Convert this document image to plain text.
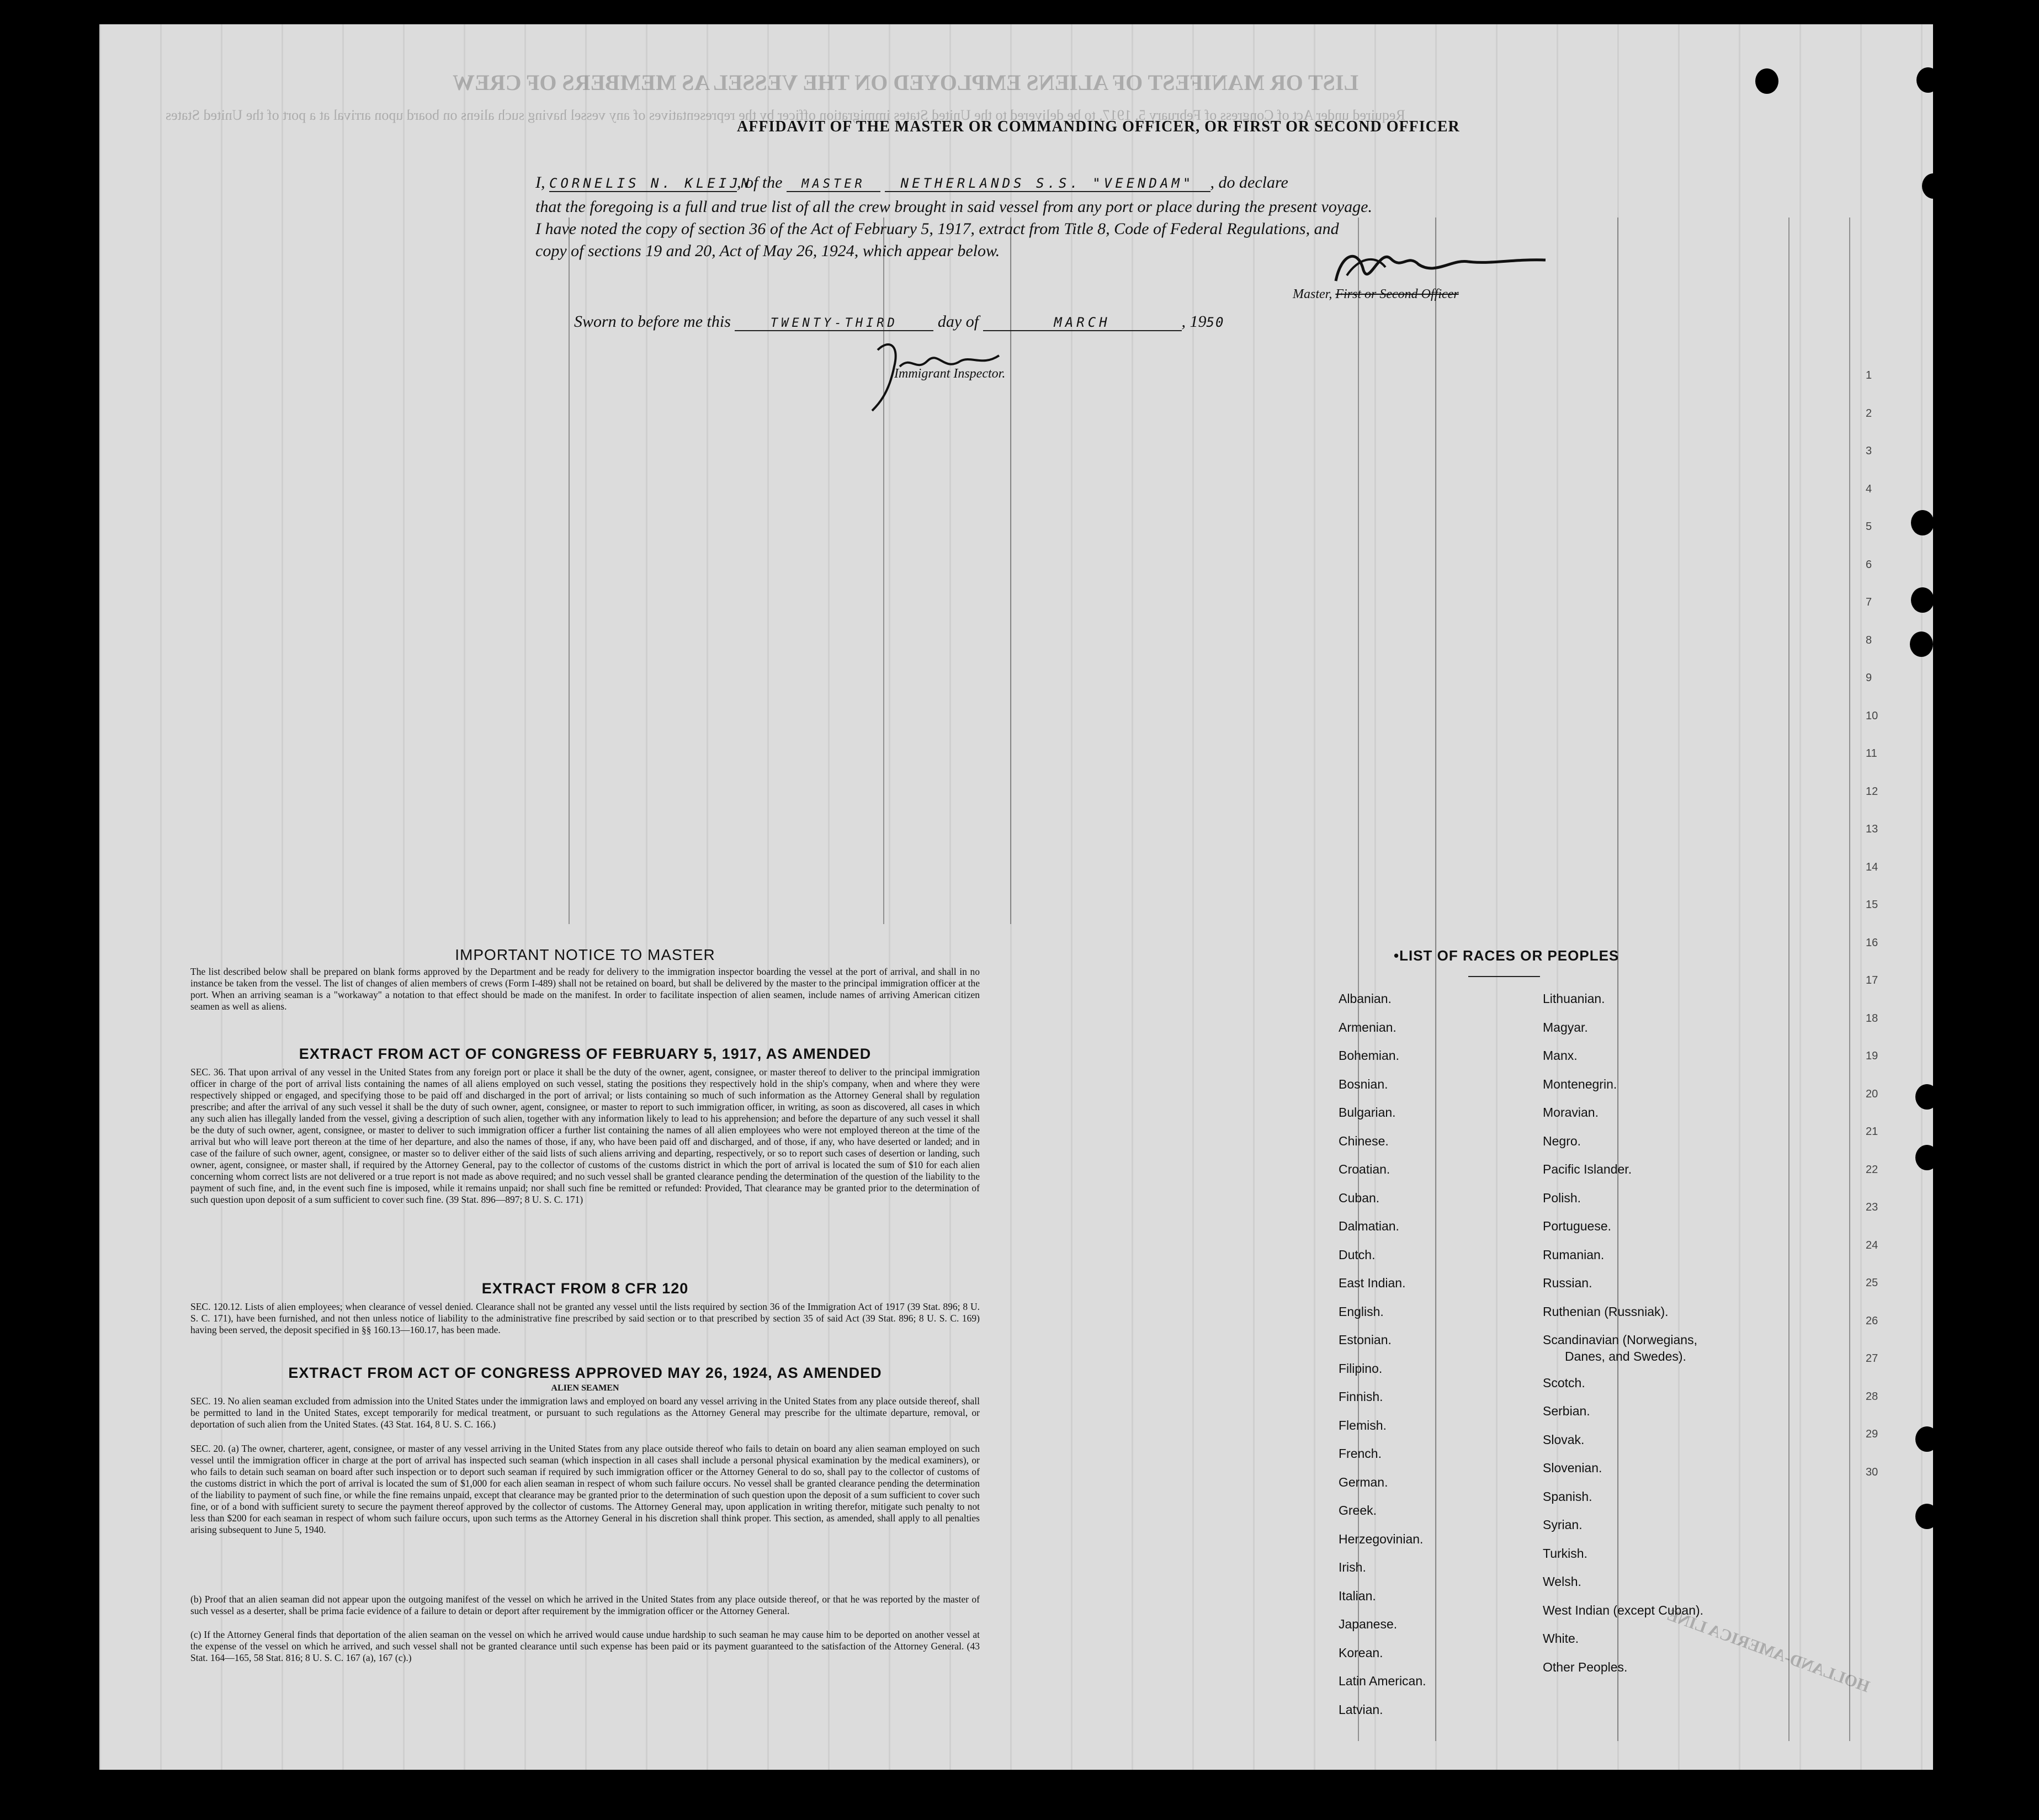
LIST OR MANIFEST OF ALIENS EMPLOYED ON THE VESSEL AS MEMBERS OF CREW
Required under Act of Congress of February 5, 1917, to be delivered to the United States immigration officer by the representatives of any vessel having such aliens on board upon arrival at a port of the United States
1
2
3
4
5
6
7
8
9
10
11
12
13
14
15
16
17
18
19
20
21
22
23
24
25
26
27
28
29
30
AFFIDAVIT OF THE MASTER OR COMMANDING OFFICER, OR FIRST OR SECOND OFFICER
I, CORNELIS N. KLEIJN, of the MASTER	NETHERLANDS S.S. "VEENDAM" , do declare
that the foregoing is a full and true list of all the crew brought in said vessel from any port or place during the present voyage.
I have noted the copy of section 36 of the Act of February 5, 1917, extract from Title 8, Code of Federal Regulations, and
copy of sections 19 and 20, Act of May 26, 1924, which appear below.
Master, First or Second Officer
Sworn to before me this	TWENTY-THIRD day of	MARCH	, 1950
Immigrant Inspector.
IMPORTANT NOTICE TO MASTER
The list described below shall be prepared on blank forms approved by the Department and be ready for delivery to the immigration inspector boarding the vessel at the port of arrival, and shall in no instance be taken from the vessel. The list of changes of alien members of crews (Form I-489) shall not be retained on board, but shall be delivered by the master to the principal immigration officer at the port. When an arriving seaman is a "workaway" a notation to that effect should be made on the manifest. In order to facilitate inspection of alien seamen, include names of arriving American citizen seamen as well as aliens.
EXTRACT FROM ACT OF CONGRESS OF FEBRUARY 5, 1917, AS AMENDED
SEC. 36. That upon arrival of any vessel in the United States from any foreign port or place it shall be the duty of the owner, agent, consignee, or master thereof to deliver to the principal immigration officer in charge of the port of arrival lists containing the names of all aliens employed on such vessel, stating the positions they respectively hold in the ship's company, when and where they were respectively shipped or engaged, and specifying those to be paid off and discharged in the port of arrival; or lists containing so much of such information as the Attorney General shall by regulation prescribe; and after the arrival of any such vessel it shall be the duty of such owner, agent, consignee, or master to report to such immigration officer, in writing, as soon as discovered, all cases in which any such alien has illegally landed from the vessel, giving a description of such alien, together with any information likely to lead to his apprehension; and before the departure of any such vessel it shall be the duty of such owner, agent, consignee, or master to deliver to such immigration officer a further list containing the names of all alien employees who were not employed thereon at the time of the arrival but who will leave port thereon at the time of her departure, and also the names of those, if any, who have been paid off and discharged, and of those, if any, who have deserted or landed; and in case of the failure of such owner, agent, consignee, or master so to deliver either of the said lists of such aliens arriving and departing, respectively, or so to report such cases of desertion or landing, such owner, agent, consignee, or master shall, if required by the Attorney General, pay to the collector of customs of the customs district in which the port of arrival is located the sum of $10 for each alien concerning whom correct lists are not delivered or a true report is not made as above required; and no such vessel shall be granted clearance pending the determination of the question of the liability to the payment of such fine, and, in the event such fine is imposed, while it remains unpaid; nor shall such fine be remitted or refunded: Provided, That clearance may be granted prior to the determination of such question upon deposit of a sum sufficient to cover such fine. (39 Stat. 896—897; 8 U. S. C. 171)
EXTRACT FROM 8 CFR 120
SEC. 120.12. Lists of alien employees; when clearance of vessel denied. Clearance shall not be granted any vessel until the lists required by section 36 of the Immigration Act of 1917 (39 Stat. 896; 8 U. S. C. 171), have been furnished, and not then unless notice of liability to the administrative fine prescribed by said section or to that prescribed by section 35 of said Act (39 Stat. 896; 8 U. S. C. 169) having been served, the deposit specified in §§ 160.13—160.17, has been made.
EXTRACT FROM ACT OF CONGRESS APPROVED MAY 26, 1924, AS AMENDED
ALIEN SEAMEN
SEC. 19. No alien seaman excluded from admission into the United States under the immigration laws and employed on board any vessel arriving in the United States from any place outside thereof, shall be permitted to land in the United States, except temporarily for medical treatment, or pursuant to such regulations as the Attorney General may prescribe for the ultimate departure, removal, or deportation of such alien from the United States. (43 Stat. 164, 8 U. S. C. 166.)
SEC. 20. (a) The owner, charterer, agent, consignee, or master of any vessel arriving in the United States from any place outside thereof who fails to detain on board any alien seaman employed on such vessel until the immigration officer in charge at the port of arrival has inspected such seaman (which inspection in all cases shall include a personal physical examination by the medical examiners), or who fails to detain such seaman on board after such inspection or to deport such seaman if required by such immigration officer or the Attorney General to do so, shall pay to the collector of customs of the customs district in which the port of arrival is located the sum of $1,000 for each alien seaman in respect of whom such failure occurs. No vessel shall be granted clearance pending the determination of the liability to payment of such fine, or while the fine remains unpaid, except that clearance may be granted prior to the determination of such question upon the deposit of a sum sufficient to cover such fine, or of a bond with sufficient surety to secure the payment thereof approved by the collector of customs. The Attorney General may, upon application in writing therefor, mitigate such penalty to not less than $200 for each seaman in respect of whom such failure occurs, upon such terms as the Attorney General in his discretion shall think proper. This section, as amended, shall apply to all penalties arising subsequent to June 5, 1940.
(b) Proof that an alien seaman did not appear upon the outgoing manifest of the vessel on which he arrived in the United States from any place outside thereof, or that he was reported by the master of such vessel as a deserter, shall be prima facie evidence of a failure to detain or deport after requirement by the immigration officer or the Attorney General.
(c) If the Attorney General finds that deportation of the alien seaman on the vessel on which he arrived would cause undue hardship to such seaman he may cause him to be deported on another vessel at the expense of the vessel on which he arrived, and such vessel shall not be granted clearance until such expense has been paid or its payment guaranteed to the satisfaction of the Attorney General. (43 Stat. 164—165, 58 Stat. 816; 8 U. S. C. 167 (a), 167 (c).)
•LIST OF RACES OR PEOPLES
Albanian.
Armenian.
Bohemian.
Bosnian.
Bulgarian.
Chinese.
Croatian.
Cuban.
Dalmatian.
Dutch.
East Indian.
English.
Estonian.
Filipino.
Finnish.
Flemish.
French.
German.
Greek.
Herzegovinian.
Irish.
Italian.
Japanese.
Korean.
Latin American.
Latvian.
Lithuanian.
Magyar.
Manx.
Montenegrin.
Moravian.
Negro.
Pacific Islander.
Polish.
Portuguese.
Rumanian.
Russian.
Ruthenian (Russniak).
Scandinavian (Norwegians,
Danes, and Swedes).
Scotch.
Serbian.
Slovak.
Slovenian.
Spanish.
Syrian.
Turkish.
Welsh.
West Indian (except Cuban).
White.
Other Peoples. HOLLAND-AMERICA LINE
